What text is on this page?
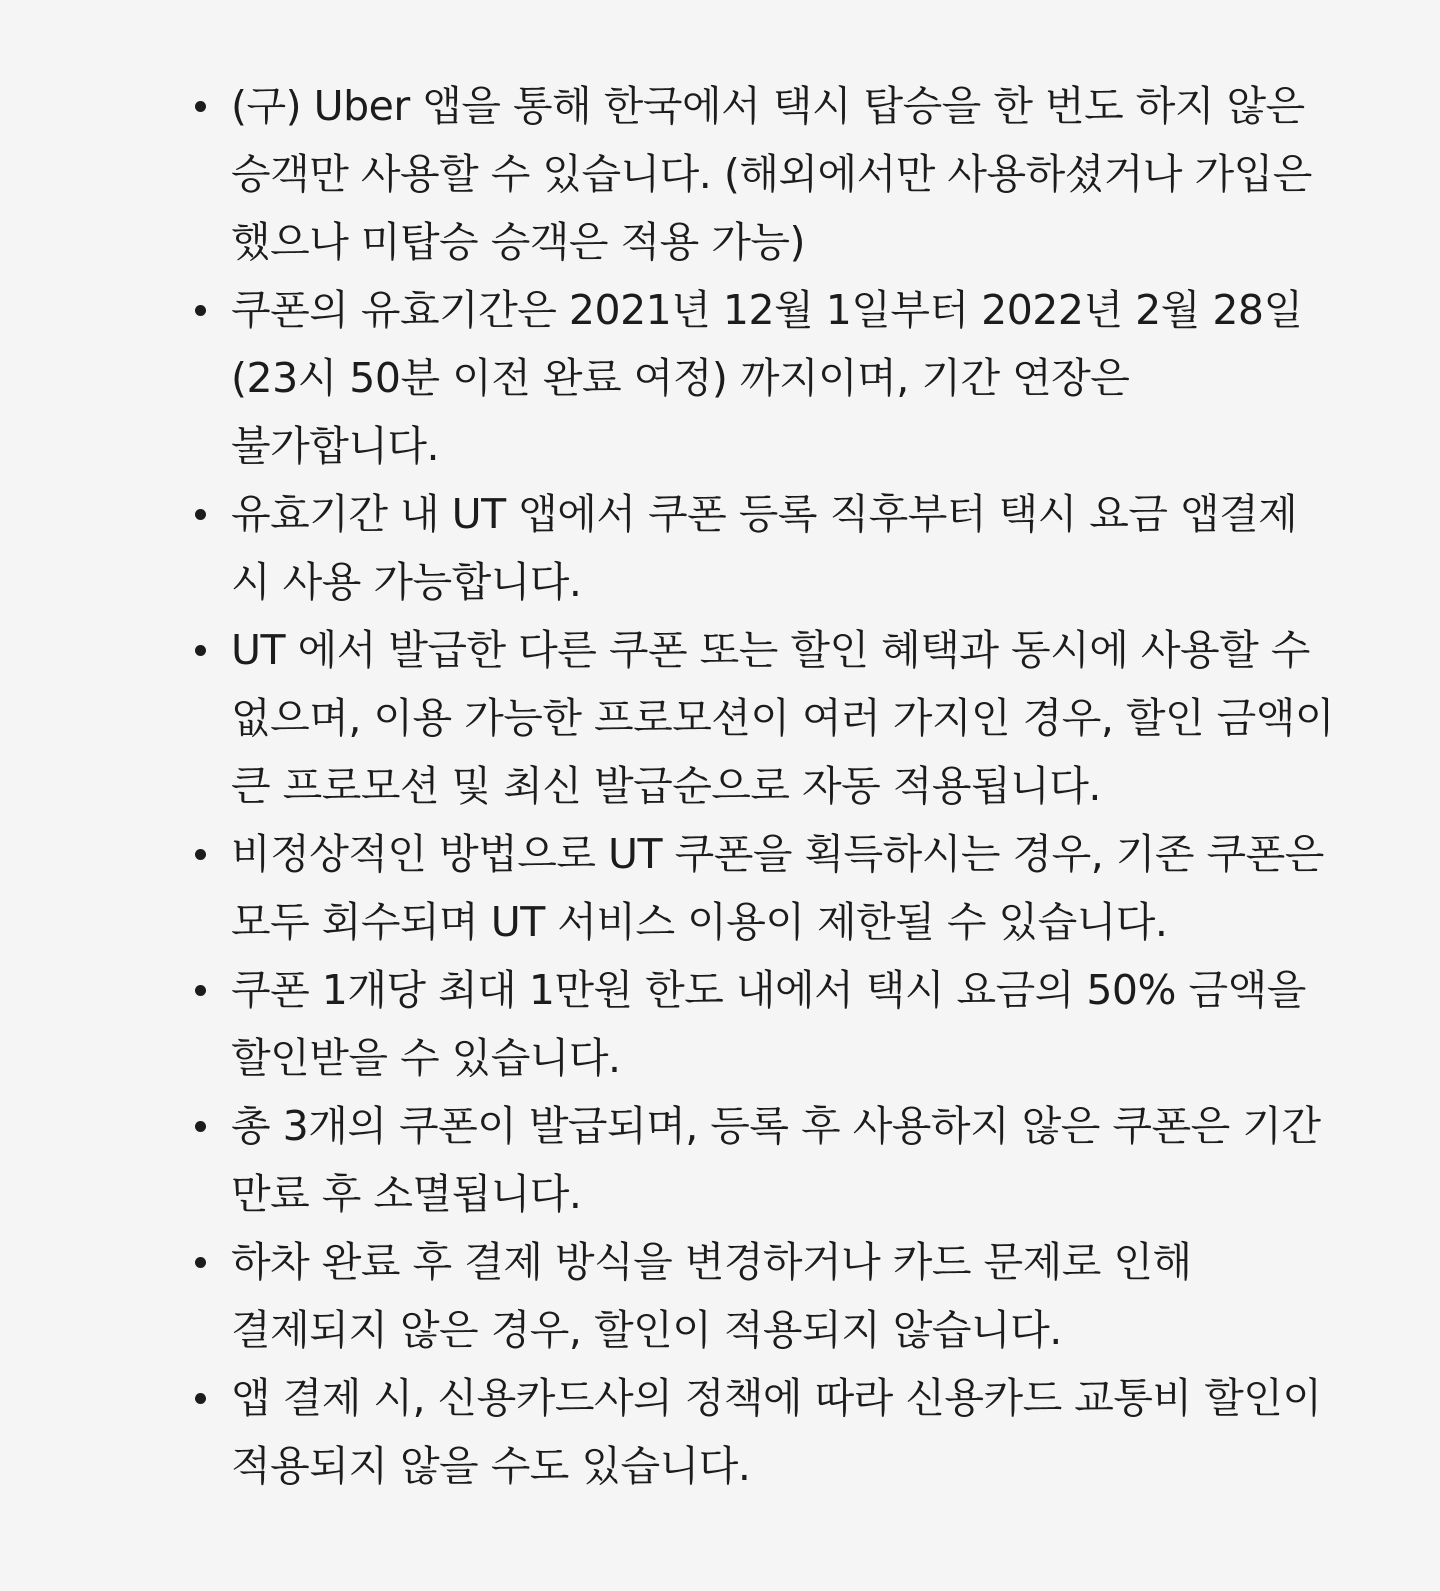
(구) Uber 앱을 통해 한국에서 택시 탑승을 한 번도 하지 않은 승객만 사용할 수 있습니다. (해외에서만 사용하셨거나 가입은 했으나 미탑승 승객은 적용 가능)
쿠폰의 유효기간은 2021년 12월 1일부터 2022년 2월 28일 (23시 50분 이전 완료 여정) 까지이며, 기간 연장은 불가합니다.
유효기간 내 UT 앱에서 쿠폰 등록 직후부터 택시 요금 앱결제 시 사용 가능합니다.
UT 에서 발급한 다른 쿠폰 또는 할인 혜택과 동시에 사용할 수 없으며, 이용 가능한 프로모션이 여러 가지인 경우, 할인 금액이 큰 프로모션 및 최신 발급순으로 자동 적용됩니다.
비정상적인 방법으로 UT 쿠폰을 획득하시는 경우, 기존 쿠폰은 모두 회수되며 UT 서비스 이용이 제한될 수 있습니다.
쿠폰 1개당 최대 1만원 한도 내에서 택시 요금의 50% 금액을 할인받을 수 있습니다.
총 3개의 쿠폰이 발급되며, 등록 후 사용하지 않은 쿠폰은 기간 만료 후 소멸됩니다.
하차 완료 후 결제 방식을 변경하거나 카드 문제로 인해 결제되지 않은 경우, 할인이 적용되지 않습니다.
앱 결제 시, 신용카드사의 정책에 따라 신용카드 교통비 할인이 적용되지 않을 수도 있습니다.
